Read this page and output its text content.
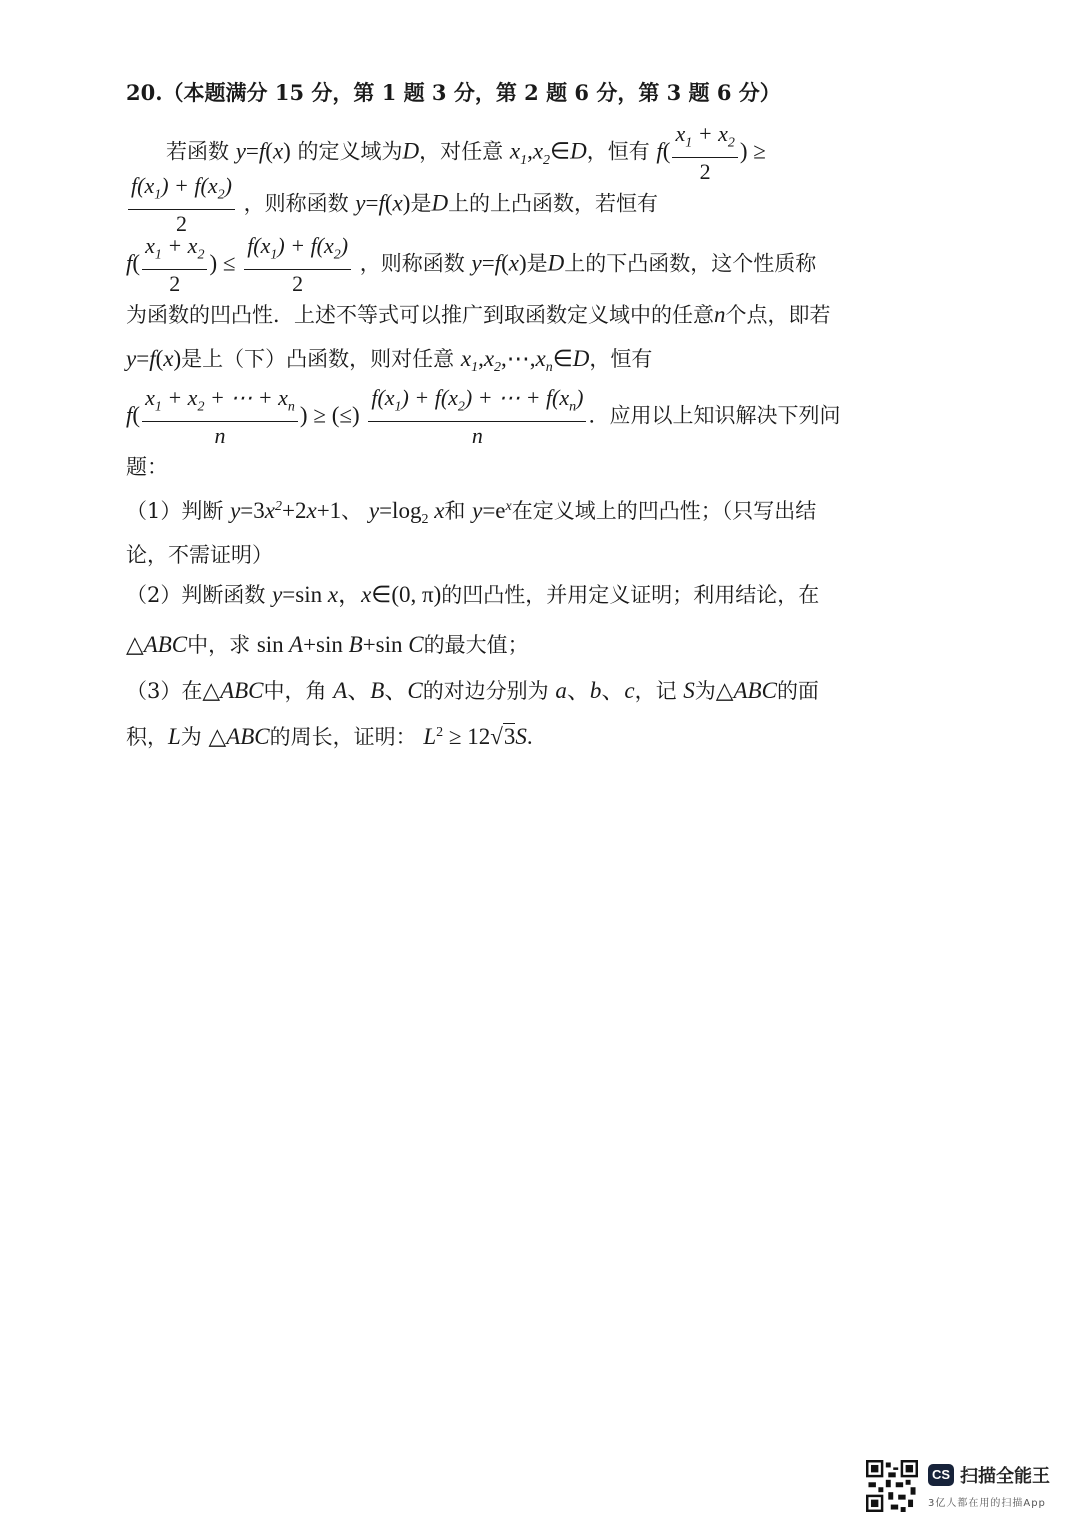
20.（本题满分 15 分，第 1 题 3 分，第 2 题 6 分，第 3 题 6 分）
若函数 y=f(x) 的定义域为D，对任意 $x_1,x_2\in D$，恒有 $f( \frac{x_1 + x_2}{2}$ ) ≥
$\frac{f(x_1) + f(x_2)}{2}$ ，则称函数 y=f(x)是D上的上凸函数，若恒有
$f( \frac{x_1 + x_2}{2}$ ) ≤ $\frac{f(x_1) + f(x_2)}{2}$ ，则称函数 y=f(x)是D上的下凸函数，这个性质称
为函数的凹凸性．上述不等式可以推广到取函数定义域中的任意n个点，即若
y=f(x)是上（下）凸函数，则对任意 $x_1,x_2,\cdots,x_n\in D$，恒有
$f( \frac{x_1 + x_2 + \cdots + x_n}{n}$ ) ≥ (≤) $\frac{f(x_1) + f(x_2) + \cdots + f(x_n)}{n}$ ．应用以上知识解决下列问
题：
（1）判断 $y=3x^2+2x+1$、 $y=\log_2$ x和 $y=e^x$在定义域上的凹凸性；（只写出结
论，不需证明）
（2）判断函数 y=sin x，x∈(0, π)的凹凸性，并用定义证明；利用结论，在
△ABC中，求 sin A+sin B+sin C的最大值；
（3）在△ABC中，角 A、B、C的对边分别为 a、b、c，记 S为△ABC的面
积，L为 △ABC的周长，证明： $L^2 \ge 12√3S$.
CS 扫描全能王
3亿人都在用的扫描App
